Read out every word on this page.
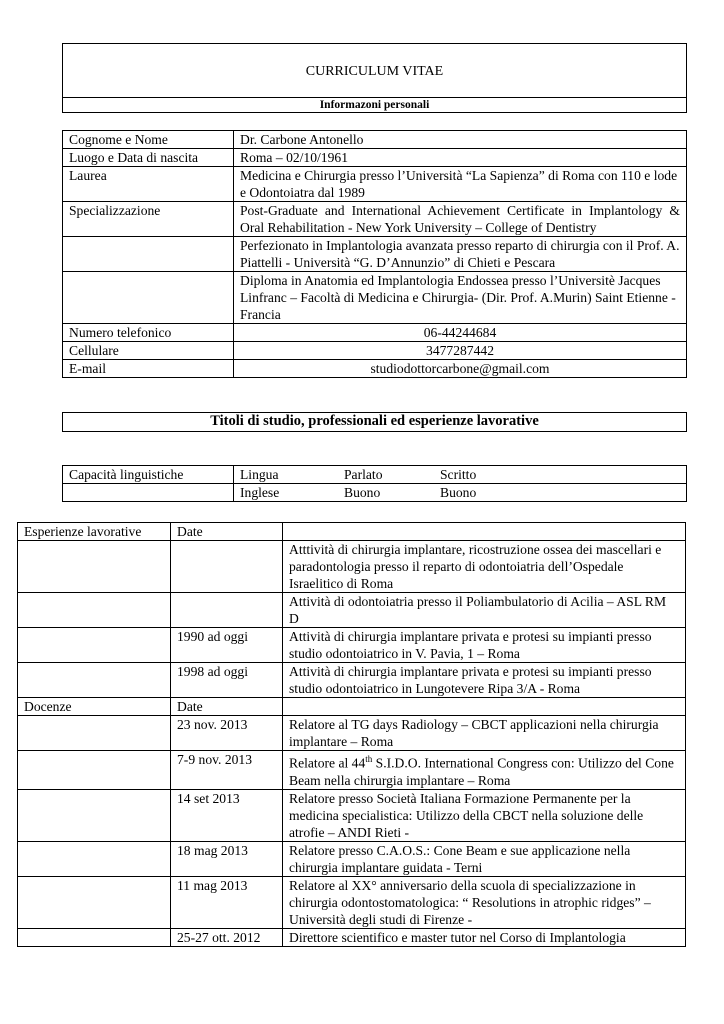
CURRICULUM VITAE
Informazoni personali
Cognome e Nome	Dr. Carbone Antonello
Luogo e Data di nascita	Roma – 02/10/1961
Laurea	Medicina e Chirurgia presso l’Università “La Sapienza” di Roma con 110 e lode e Odontoiatra dal 1989
Specializzazione	Post-Graduate and International Achievement Certificate in Implantology & Oral Rehabilitation - New York University – College of Dentistry
	Perfezionato in Implantologia avanzata presso reparto di chirurgia con il Prof. A. Piattelli - Università “G. D’Annunzio” di Chieti e Pescara
	Diploma in Anatomia ed Implantologia Endossea presso l’Universitè Jacques Linfranc – Facoltà di Medicina e Chirurgia- (Dir. Prof. A.Murin) Saint Etienne - Francia
Numero telefonico	06-44244684
Cellulare	3477287442
E-mail	studiodottorcarbone@gmail.com
Titoli di studio, professionali ed esperienze lavorative
Capacità linguistiche	Lingua Parlato Scritto
	Inglese Buono Buono
Esperienze lavorative	Date	
		Atttività di chirurgia implantare, ricostruzione ossea dei mascellari e paradontologia presso il reparto di odontoiatria dell’Ospedale Israelitico di Roma
		Attività di odontoiatria presso il Poliambulatorio di Acilia – ASL RM D
	1990 ad oggi	Attività di chirurgia implantare privata e protesi su impianti presso studio odontoiatrico in V. Pavia, 1 – Roma
	1998 ad oggi	Attività di chirurgia implantare privata e protesi su impianti presso studio odontoiatrico in Lungotevere Ripa 3/A - Roma
Docenze	Date	
	23 nov. 2013	Relatore al TG days Radiology – CBCT applicazioni nella chirurgia implantare – Roma
	7-9 nov. 2013	Relatore al 44th S.I.D.O. International Congress con: Utilizzo del Cone Beam nella chirurgia implantare – Roma
	14 set 2013	Relatore presso Società Italiana Formazione Permanente per la medicina specialistica: Utilizzo della CBCT nella soluzione delle atrofie – ANDI Rieti -
	18 mag 2013	Relatore presso C.A.O.S.: Cone Beam e sue applicazione nella chirurgia implantare guidata - Terni
	11 mag 2013	Relatore al XX° anniversario della scuola di specializzazione in chirurgia odontostomatologica: “ Resolutions in atrophic ridges” – Università degli studi di Firenze -
	25-27 ott. 2012	Direttore scientifico e master tutor nel Corso di Implantologia
